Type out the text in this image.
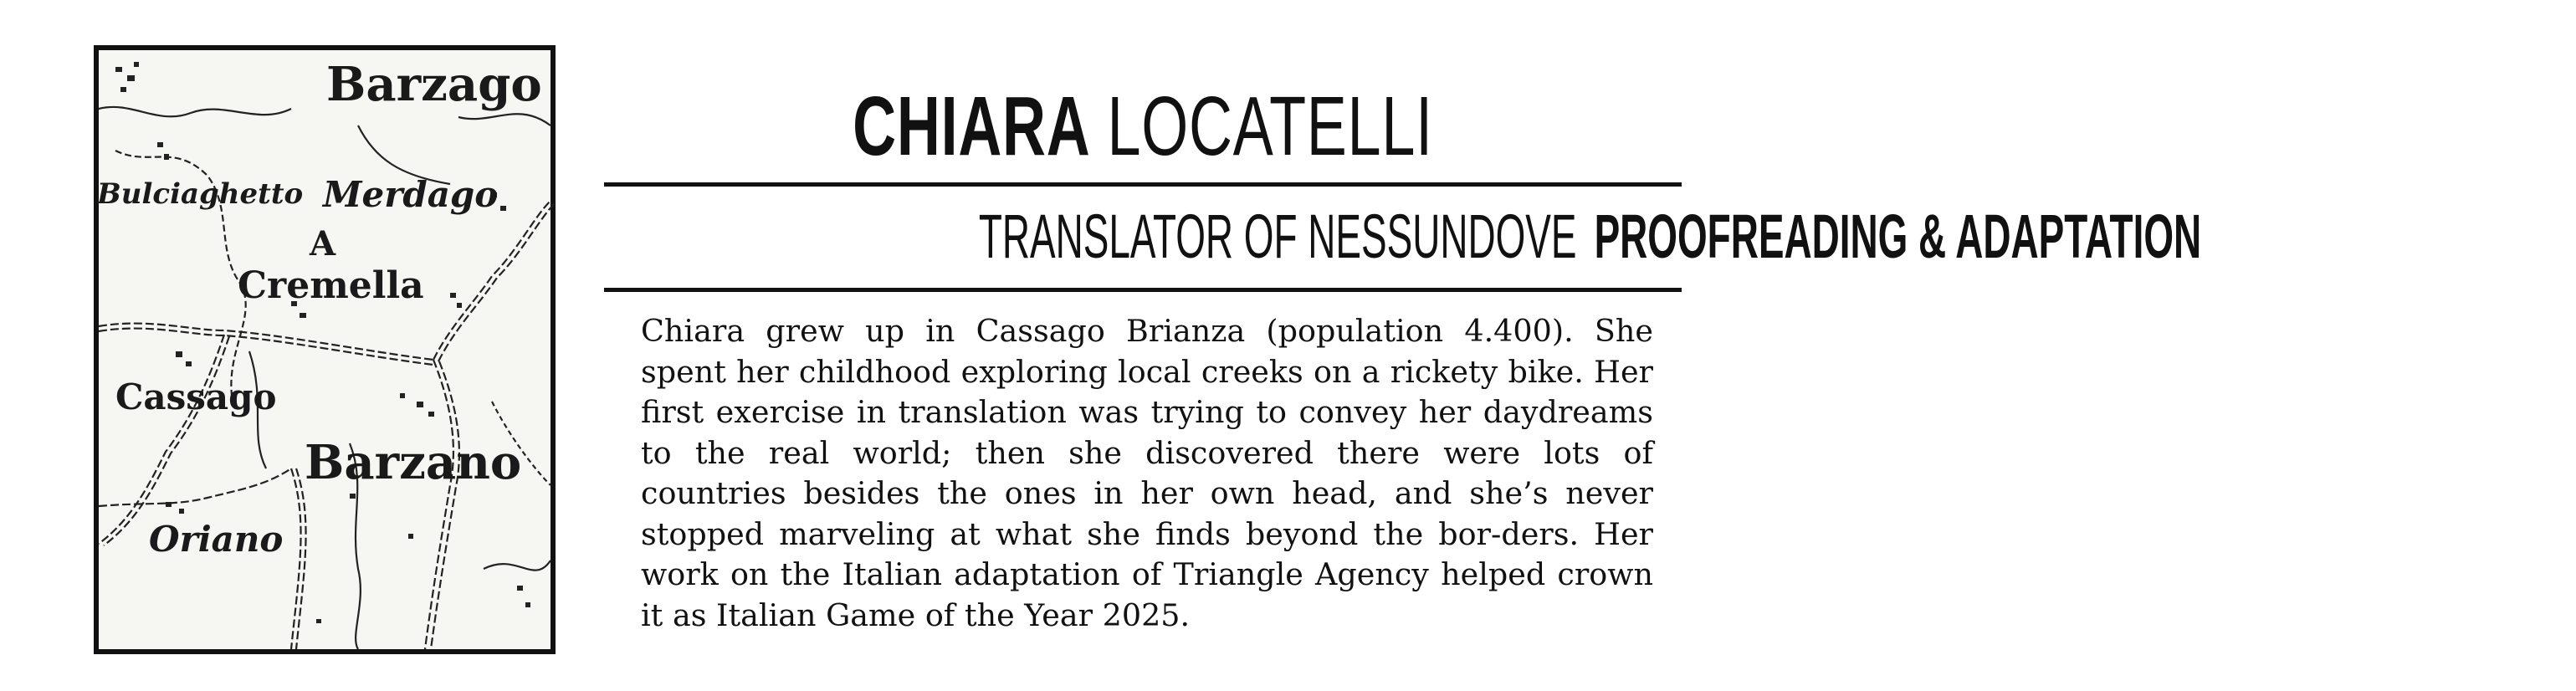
Barzago
Bulciaghetto Merdago
A
Cremella
Cassago
Barzano
Oriano
CHIARA LOCATELLI
TRANSLATOR OF NESSUNDOVE PROOFREADING & ADAPTATION
Chiara grew up in Cassago Brianza (population 4.400). She spent her childhood exploring local creeks on a rickety bike. Her first exercise in translation was trying to convey her daydreams to the real world; then she discovered there were lots of countries besides the ones in her own head, and she’s never stopped marveling at what she finds beyond the bor-ders. Her work on the Italian adaptation of Triangle Agency helped crown it as Italian Game of the Year 2025.
